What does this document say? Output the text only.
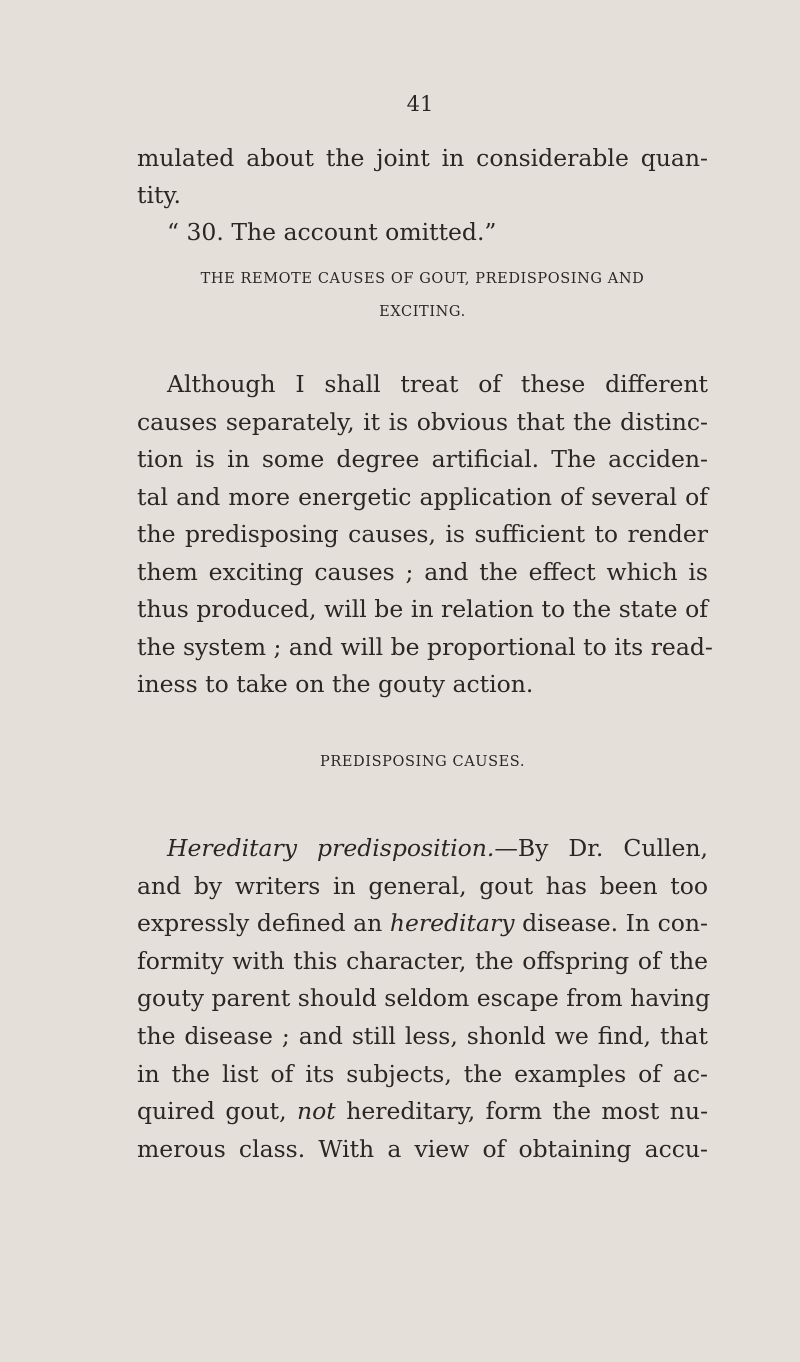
41
mulated about the joint in considerable quan-
tity.
“ 30. The account omitted.”
THE REMOTE CAUSES OF GOUT, PREDISPOSING AND
EXCITING.
Although I shall treat of these different
causes separately, it is obvious that the distinc-
tion is in some degree artificial. The acciden-
tal and more energetic application of several of
the predisposing causes, is sufficient to render
them exciting causes ; and the effect which is
thus produced, will be in relation to the state of
the system ; and will be proportional to its read-
iness to take on the gouty action.
PREDISPOSING CAUSES.
Hereditary predisposition.—By Dr. Cullen,
and by writers in general, gout has been too
expressly defined an hereditary disease. In con-
formity with this character, the offspring of the
gouty parent should seldom escape from having
the disease ; and still less, shonld we find, that
in the list of its subjects, the examples of ac-
quired gout, not hereditary, form the most nu-
merous class. With a view of obtaining accu-
